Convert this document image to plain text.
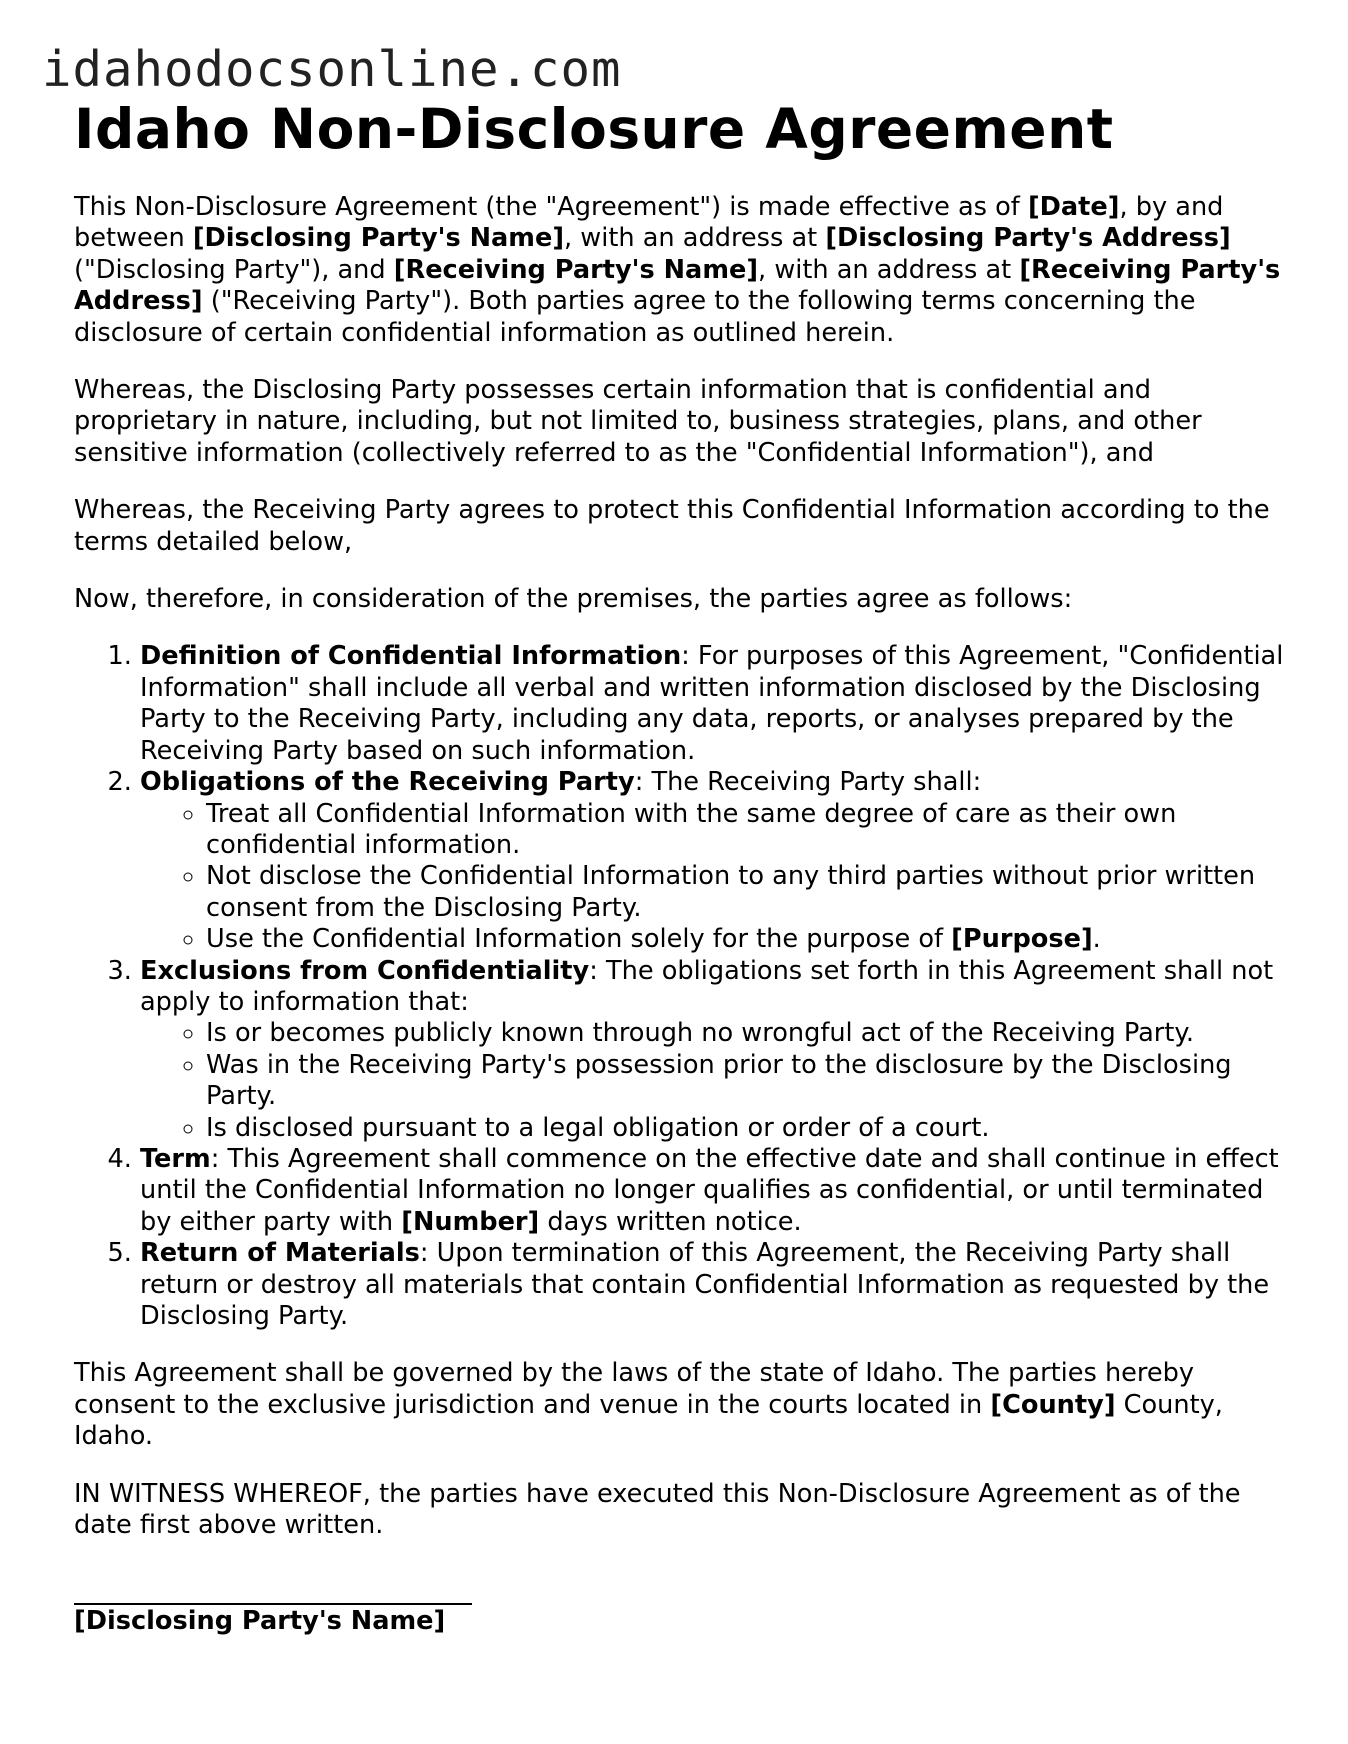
idahodocsonline.com
Idaho Non-Disclosure Agreement

This Non-Disclosure Agreement (the "Agreement") is made effective as of [Date], by and between [Disclosing Party's Name], with an address at [Disclosing Party's Address] ("Disclosing Party"), and [Receiving Party's Name], with an address at [Receiving Party's Address] ("Receiving Party"). Both parties agree to the following terms concerning the disclosure of certain confidential information as outlined herein.

Whereas, the Disclosing Party possesses certain information that is confidential and proprietary in nature, including, but not limited to, business strategies, plans, and other sensitive information (collectively referred to as the "Confidential Information"), and

Whereas, the Receiving Party agrees to protect this Confidential Information according to the terms detailed below,

Now, therefore, in consideration of the premises, the parties agree as follows:

1. Definition of Confidential Information: For purposes of this Agreement, "Confidential Information" shall include all verbal and written information disclosed by the Disclosing Party to the Receiving Party, including any data, reports, or analyses prepared by the Receiving Party based on such information.
2. Obligations of the Receiving Party: The Receiving Party shall:
◦ Treat all Confidential Information with the same degree of care as their own confidential information.
◦ Not disclose the Confidential Information to any third parties without prior written consent from the Disclosing Party.
◦ Use the Confidential Information solely for the purpose of [Purpose].
3. Exclusions from Confidentiality: The obligations set forth in this Agreement shall not apply to information that:
◦ Is or becomes publicly known through no wrongful act of the Receiving Party.
◦ Was in the Receiving Party's possession prior to the disclosure by the Disclosing Party.
◦ Is disclosed pursuant to a legal obligation or order of a court.
4. Term: This Agreement shall commence on the effective date and shall continue in effect until the Confidential Information no longer qualifies as confidential, or until terminated by either party with [Number] days written notice.
5. Return of Materials: Upon termination of this Agreement, the Receiving Party shall return or destroy all materials that contain Confidential Information as requested by the Disclosing Party.

This Agreement shall be governed by the laws of the state of Idaho. The parties hereby consent to the exclusive jurisdiction and venue in the courts located in [County] County, Idaho.

IN WITNESS WHEREOF, the parties have executed this Non-Disclosure Agreement as of the date first above written.

[Disclosing Party's Name]
